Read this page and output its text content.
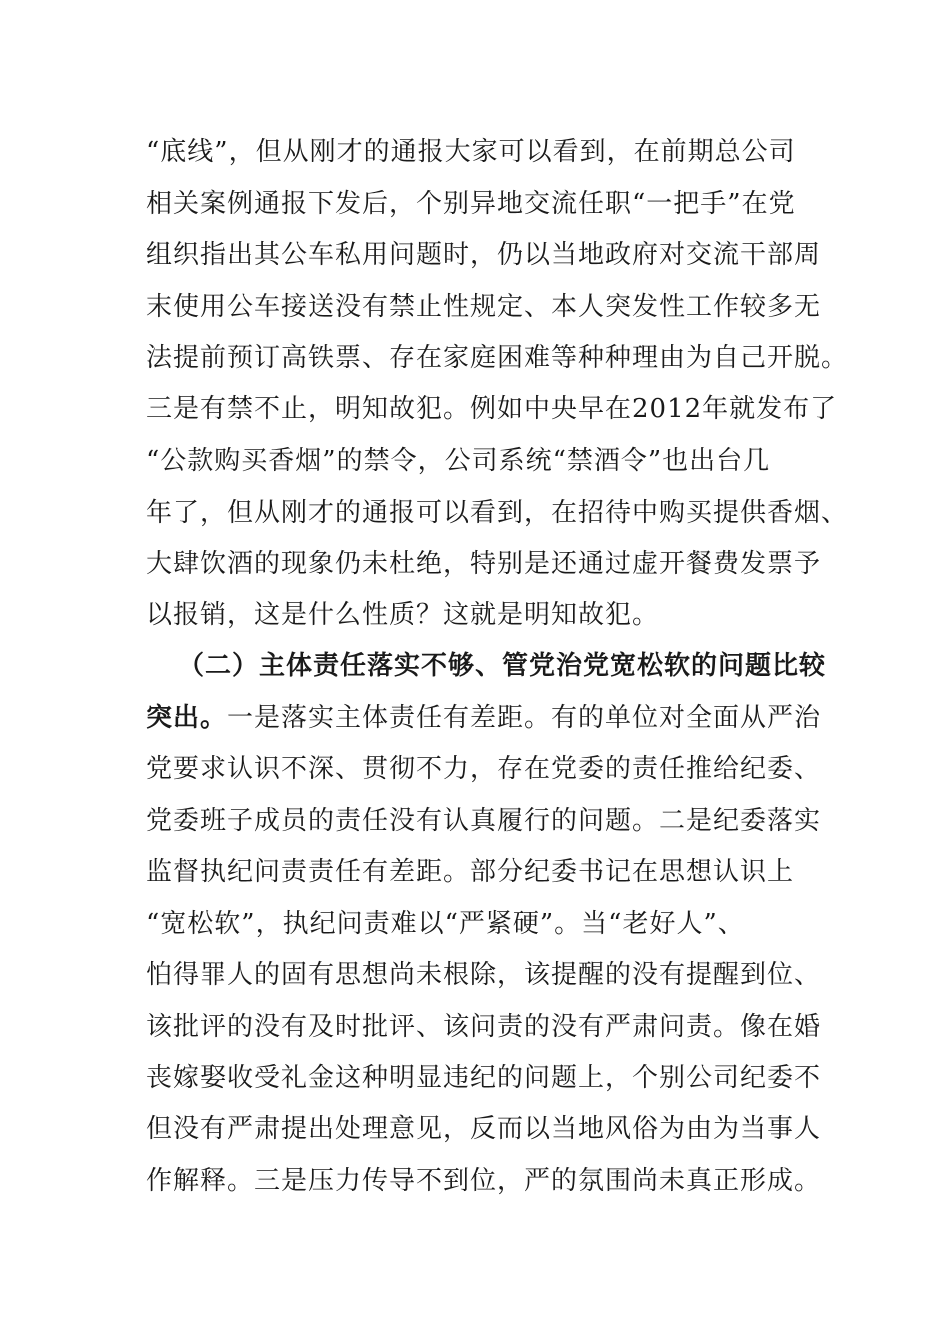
“底线”，但从刚才的通报大家可以看到，在前期总公司
相关案例通报下发后，个别异地交流任职“一把手”在党
组织指出其公车私用问题时，仍以当地政府对交流干部周
末使用公车接送没有禁止性规定、本人突发性工作较多无
法提前预订高铁票、存在家庭困难等种种理由为自己开脱。
三是有禁不止，明知故犯。例如中央早在2012年就发布了
“公款购买香烟”的禁令，公司系统“禁酒令”也出台几
年了，但从刚才的通报可以看到，在招待中购买提供香烟、
大肆饮酒的现象仍未杜绝，特别是还通过虚开餐费发票予
以报销，这是什么性质？这就是明知故犯。
（二）主体责任落实不够、管党治党宽松软的问题比较
突出。一是落实主体责任有差距。有的单位对全面从严治
党要求认识不深、贯彻不力，存在党委的责任推给纪委、
党委班子成员的责任没有认真履行的问题。二是纪委落实
监督执纪问责责任有差距。部分纪委书记在思想认识上
“宽松软”，执纪问责难以“严紧硬”。当“老好人”、
怕得罪人的固有思想尚未根除，该提醒的没有提醒到位、
该批评的没有及时批评、该问责的没有严肃问责。像在婚
丧嫁娶收受礼金这种明显违纪的问题上，个别公司纪委不
但没有严肃提出处理意见，反而以当地风俗为由为当事人
作解释。三是压力传导不到位，严的氛围尚未真正形成。
